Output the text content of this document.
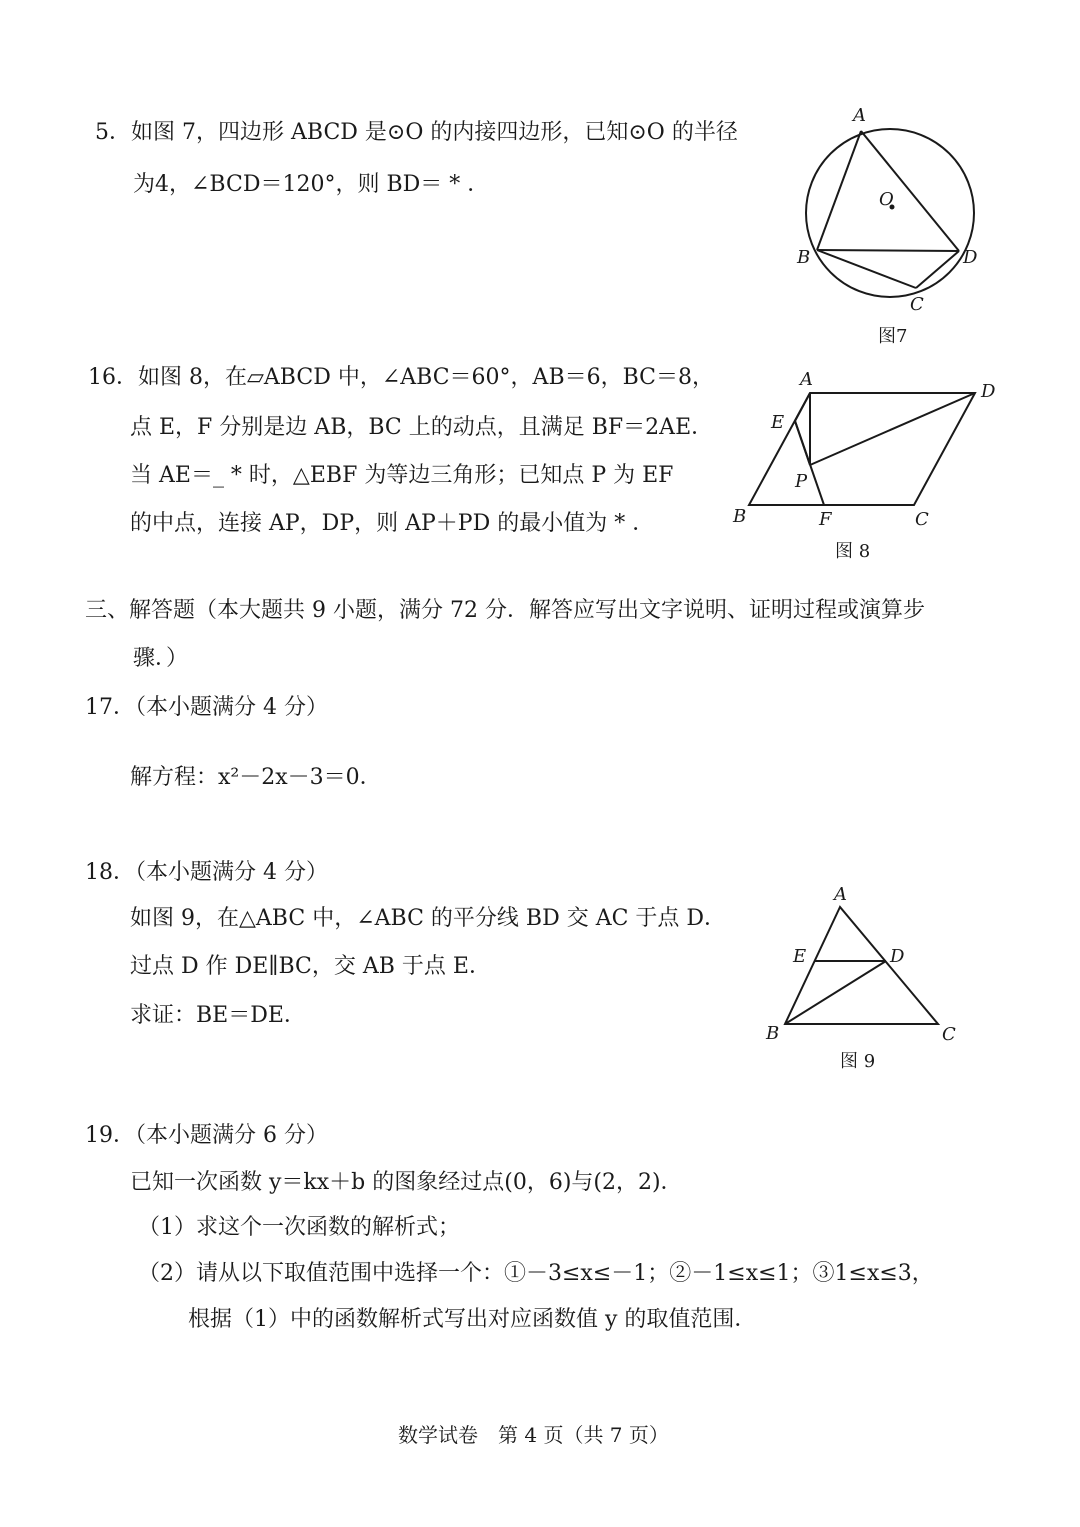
5．如图 7，四边形 ABCD 是⊙O 的内接四边形，已知⊙O 的半径
为4，∠BCD＝120°，则 BD＝ * ．
A
O
B	D
C
图7
16．如图 8，在▱ABCD 中，∠ABC＝60°，AB＝6，BC＝8，
点 E，F 分别是边 AB，BC 上的动点，且满足 BF＝2AE．
当 AE＝_ * 时，△EBF 为等边三角形；已知点 P 为 EF
的中点，连接 AP，DP，则 AP＋PD 的最小值为 * ．
A
D
E
P
B	F	C
图 8
三、解答题（本大题共 9 小题，满分 72 分．解答应写出文字说明、证明过程或演算步
骤．）
17．（本小题满分 4 分）
解方程：x²－2x－3＝0．
18．（本小题满分 4 分）
如图 9，在△ABC 中，∠ABC 的平分线 BD 交 AC 于点 D．
过点 D 作 DE∥BC，交 AB 于点 E．
求证：BE＝DE．
A
E	D
B	C
图 9
19．（本小题满分 6 分）
已知一次函数 y＝kx＋b 的图象经过点(0，6)与(2，2)．
（1）求这个一次函数的解析式；
（2）请从以下取值范围中选择一个：①－3≤x≤－1；②－1≤x≤1；③1≤x≤3，
根据（1）中的函数解析式写出对应函数值 y 的取值范围．
数学试卷　第 4 页（共 7 页）
